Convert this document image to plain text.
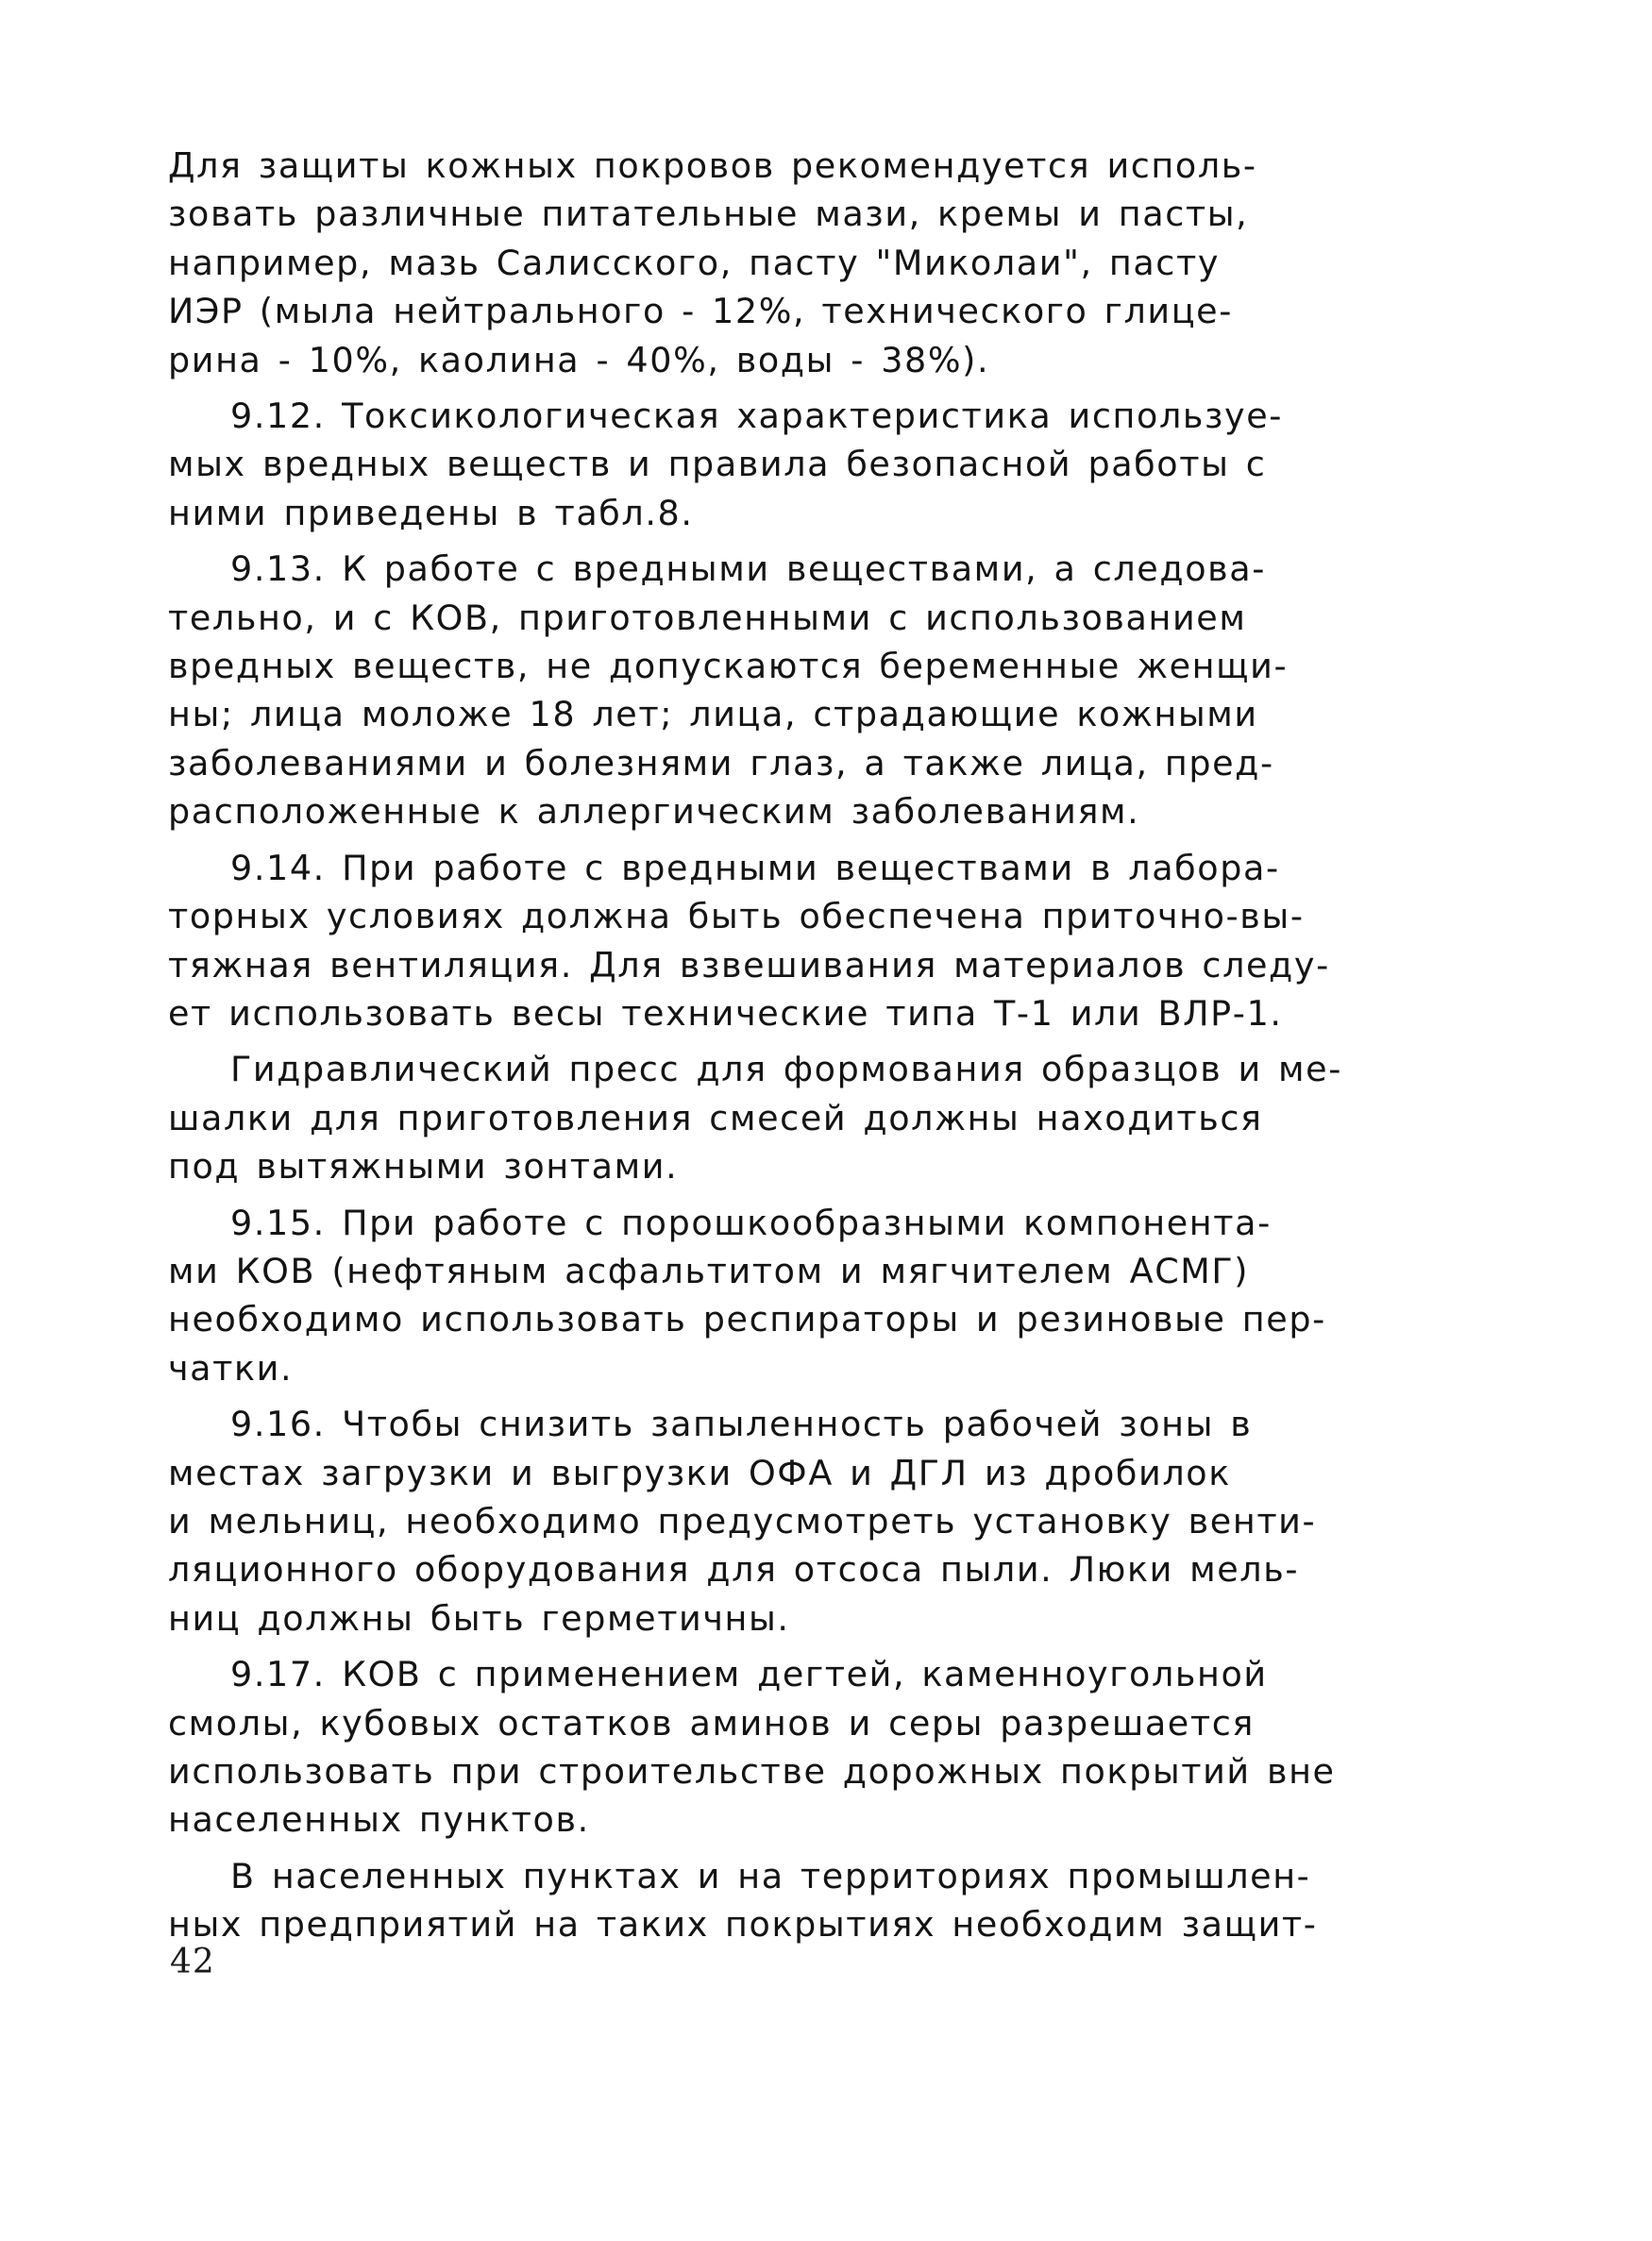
Для защиты кожных покровов рекомендуется исполь-
зовать различные питательные мази, кремы и пасты,
например, мазь Салисского, пасту "Миколаи", пасту
ИЭР (мыла нейтрального - 12%, технического глице-
рина - 10%, каолина - 40%, воды - 38%).
9.12. Токсикологическая характеристика используе-
мых вредных веществ и правила безопасной работы с
ними приведены в табл.8.
9.13. К работе с вредными веществами, а следова-
тельно, и с КОВ, приготовленными с использованием
вредных веществ, не допускаются беременные женщи-
ны; лица моложе 18 лет; лица, страдающие кожными
заболеваниями и болезнями глаз, а также лица, пред-
расположенные к аллергическим заболеваниям.
9.14. При работе с вредными веществами в лабора-
торных условиях должна быть обеспечена приточно-вы-
тяжная вентиляция. Для взвешивания материалов следу-
ет использовать весы технические типа Т-1 или ВЛР-1.
Гидравлический пресс для формования образцов и ме-
шалки для приготовления смесей должны находиться
под вытяжными зонтами.
9.15. При работе с порошкообразными компонента-
ми КОВ (нефтяным асфальтитом и мягчителем АСМГ)
необходимо использовать респираторы и резиновые пер-
чатки.
9.16. Чтобы снизить запыленность рабочей зоны в
местах загрузки и выгрузки ОФА и ДГЛ из дробилок
и мельниц, необходимо предусмотреть установку венти-
ляционного оборудования для отсоса пыли. Люки мель-
ниц должны быть герметичны.
9.17. КОВ с применением дегтей, каменноугольной
смолы, кубовых остатков аминов и серы разрешается
использовать при строительстве дорожных покрытий вне
населенных пунктов.
В населенных пунктах и на территориях промышлен-
ных предприятий на таких покрытиях необходим защит-
42
